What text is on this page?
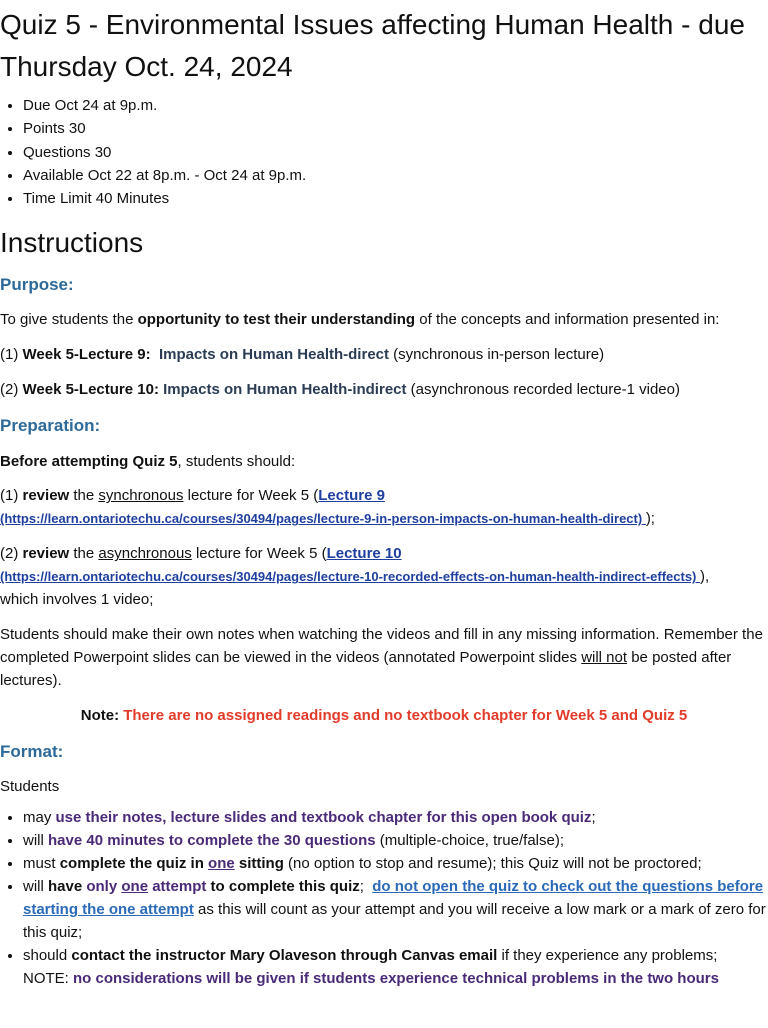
Quiz 5 - Environmental Issues affecting Human Health - due Thursday Oct. 24, 2024
• Due Oct 24 at 9p.m.
• Points 30
• Questions 30
• Available Oct 22 at 8p.m. - Oct 24 at 9p.m.
• Time Limit 40 Minutes
Instructions
Purpose:

To give students the opportunity to test their understanding of the concepts and information presented in:

(1) Week 5-Lecture 9: Impacts on Human Health-direct (synchronous in-person lecture)

(2) Week 5-Lecture 10: Impacts on Human Health-indirect (asynchronous recorded lecture-1 video)

Preparation:

Before attempting Quiz 5, students should:

(1) review the synchronous lecture for Week 5 (Lecture 9
(https://learn.ontariotechu.ca/courses/30494/pages/lecture-9-in-person-impacts-on-human-health-direct) );

(2) review the asynchronous lecture for Week 5 (Lecture 10
(https://learn.ontariotechu.ca/courses/30494/pages/lecture-10-recorded-effects-on-human-health-indirect-effects) ),
which involves 1 video;

Students should make their own notes when watching the videos and fill in any missing information. Remember the completed Powerpoint slides can be viewed in the videos (annotated Powerpoint slides will not be posted after lectures).

Note: There are no assigned readings and no textbook chapter for Week 5 and Quiz 5

Format:

Students

• may use their notes, lecture slides and textbook chapter for this open book quiz;
• will have 40 minutes to complete the 30 questions (multiple-choice, true/false);
• must complete the quiz in one sitting (no option to stop and resume); this Quiz will not be proctored;
• will have only one attempt to complete this quiz;  do not open the quiz to check out the questions before starting the one attempt as this will count as your attempt and you will receive a low mark or a mark of zero for this quiz;
• should contact the instructor Mary Olaveson through Canvas email if they experience any problems;
NOTE: no considerations will be given if students experience technical problems in the two hours
